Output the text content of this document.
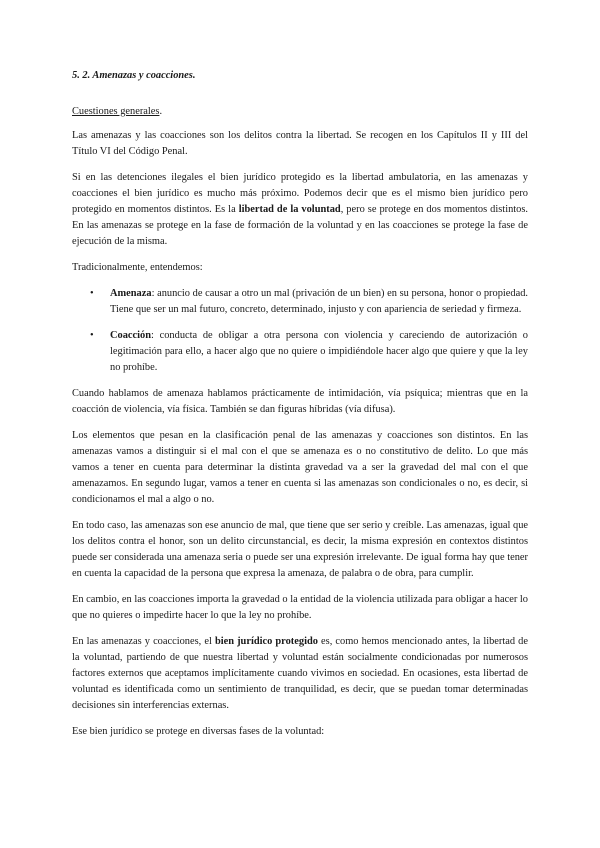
5. 2. Amenazas y coacciones.
Cuestiones generales.

Las amenazas y las coacciones son los delitos contra la libertad. Se recogen en los Capítulos II y III del Título VI del Código Penal.

Si en las detenciones ilegales el bien jurídico protegido es la libertad ambulatoria, en las amenazas y coacciones el bien jurídico es mucho más próximo. Podemos decir que es el mismo bien jurídico pero protegido en momentos distintos. Es la libertad de la voluntad, pero se protege en dos momentos distintos. En las amenazas se protege en la fase de formación de la voluntad y en las coacciones se protege la fase de ejecución de la misma.

Tradicionalmente, entendemos:

• Amenaza: anuncio de causar a otro un mal (privación de un bien) en su persona, honor o propiedad. Tiene que ser un mal futuro, concreto, determinado, injusto y con apariencia de seriedad y firmeza.
• Coacción: conducta de obligar a otra persona con violencia y careciendo de autorización o legitimación para ello, a hacer algo que no quiere o impidiéndole hacer algo que quiere y que la ley no prohíbe.

Cuando hablamos de amenaza hablamos prácticamente de intimidación, vía psíquica; mientras que en la coacción de violencia, vía física. También se dan figuras híbridas (vía difusa).

Los elementos que pesan en la clasificación penal de las amenazas y coacciones son distintos. En las amenazas vamos a distinguir si el mal con el que se amenaza es o no constitutivo de delito. Lo que más vamos a tener en cuenta para determinar la distinta gravedad va a ser la gravedad del mal con el que amenazamos. En segundo lugar, vamos a tener en cuenta si las amenazas son condicionales o no, es decir, si condicionamos el mal a algo o no.

En todo caso, las amenazas son ese anuncio de mal, que tiene que ser serio y creíble. Las amenazas, igual que los delitos contra el honor, son un delito circunstancial, es decir, la misma expresión en contextos distintos puede ser considerada una amenaza seria o puede ser una expresión irrelevante. De igual forma hay que tener en cuenta la capacidad de la persona que expresa la amenaza, de palabra o de obra, para cumplir.

En cambio, en las coacciones importa la gravedad o la entidad de la violencia utilizada para obligar a hacer lo que no quieres o impedirte hacer lo que la ley no prohíbe.

En las amenazas y coacciones, el bien jurídico protegido es, como hemos mencionado antes, la libertad de la voluntad, partiendo de que nuestra libertad y voluntad están socialmente condicionadas por numerosos factores externos que aceptamos implícitamente cuando vivimos en sociedad. En ocasiones, esta libertad de voluntad es identificada como un sentimiento de tranquilidad, es decir, que se puedan tomar determinadas decisiones sin interferencias externas.

Ese bien jurídico se protege en diversas fases de la voluntad:
